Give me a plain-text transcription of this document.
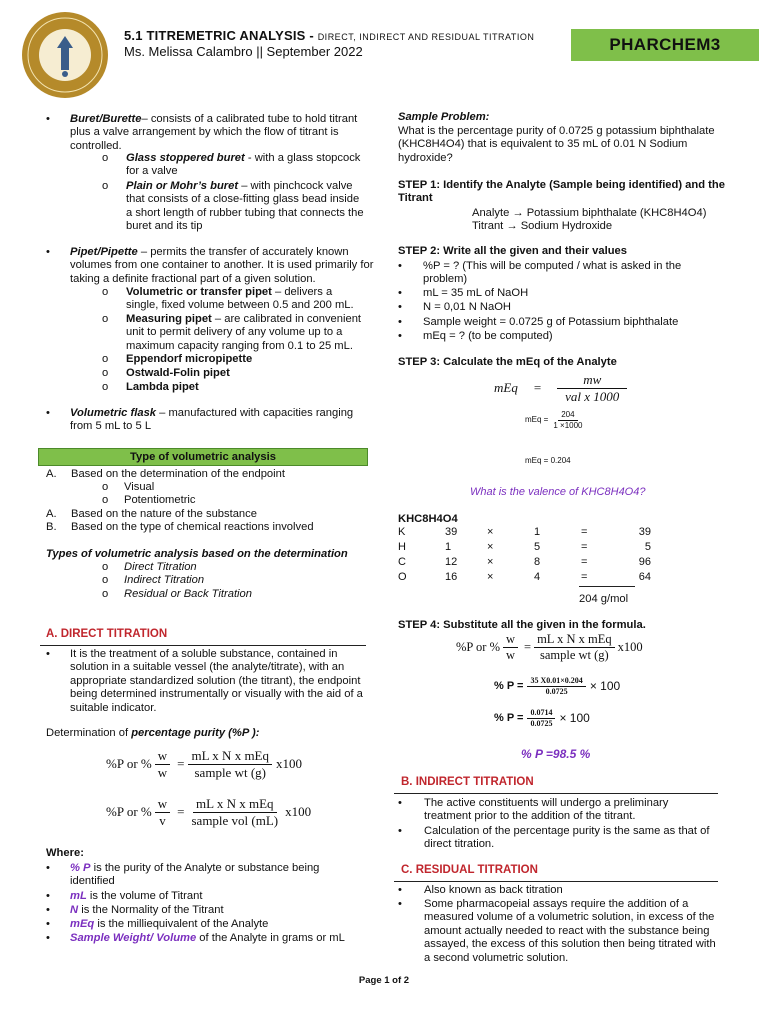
5.1 TITREMETRIC ANALYSIS - DIRECT, INDIRECT AND RESIDUAL TITRATION
Ms. Melissa Calambro || September 2022	PHARCHEM3
• Buret/Burette– consists of a calibrated tube to hold titrant plus a valve arrangement by which the flow of titrant is controlled.
o Glass stoppered buret - with a glass stopcock for a valve
o Plain or Mohr’s buret – with pinchcock valve that consists of a close-fitting glass bead inside a short length of rubber tubing that connects the buret and its tip
• Pipet/Pipette – permits the transfer of accurately known volumes from one container to another. It is used primarily for taking a definite fractional part of a given solution.
o Volumetric or transfer pipet – delivers a single, fixed volume between 0.5 and 200 mL.
o Measuring pipet – are calibrated in convenient unit to permit delivery of any volume up to a maximum capacity ranging from 0.1 to 25 mL.
o Eppendorf micropipette
o Ostwald-Folin pipet
o Lambda pipet
• Volumetric flask – manufactured with capacities ranging from 5 mL to 5 L
Type of volumetric analysis
A. Based on the determination of the endpoint
o Visual
o Potentiometric
A. Based on the nature of the substance
B. Based on the type of chemical reactions involved
Types of volumetric analysis based on the determination
o Direct Titration
o Indirect Titration
o Residual or Back Titration
A. DIRECT TITRATION
• It is the treatment of a soluble substance, contained in solution in a suitable vessel (the analyte/titrate), with an appropriate standardized solution (the titrant), the endpoint being determined instrumentally or visually with the aid of a suitable indicator.
Determination of percentage purity (%P ):
%P or % $\frac{w}{w} = \frac{\text{mL x N x mEq}}{\text{sample wt (g)}} x100$
%P or % $\frac{w}{v} = \frac{\text{mL x N x mEq}}{\text{sample vol (mL)}} x100$
Where:
• % P is the purity of the Analyte or substance being identified
• mL is the volume of Titrant
• N is the Normality of the Titrant
• mEq is the milliequivalent of the Analyte
• Sample Weight/ Volume of the Analyte in grams or mL
Sample Problem:
What is the percentage purity of 0.0725 g potassium biphthalate (KHC8H4O4) that is equivalent to 35 mL of 0.01 N Sodium hydroxide?
STEP 1: Identify the Analyte (Sample being identified) and the Titrant
Analyte → Potassium biphthalate (KHC8H4O4)
Titrant → Sodium Hydroxide
STEP 2: Write all the given and their values
• %P = ? (This will be computed / what is asked in the problem)
• mL = 35 mL of NaOH
• N = 0,01 N NaOH
• Sample weight = 0.0725 g of Potassium biphthalate
• mEq = ? (to be computed)
STEP 3: Calculate the mEq of the Analyte
mEq = $\frac{mw}{\text{val x 1000}}$
mEq = $\frac{204}{1 \times 1000}$
mEq = 0.204
What is the valence of KHC8H4O4?
KHC8H4O4
K	39	×	1	=	39
H	1	×	5	=	5
C	12	×	8	=	96
O	16	×	4	=	64
204 g/mol
STEP 4: Substitute all the given in the formula.
%P or % $\frac{w}{w} = \frac{\text{mL x N x mEq}}{\text{sample wt (g)}} x100$
% $P = \frac{35 X0.01\times 0.204}{0.0725} \times 100$
% $P = \frac{0.0714}{0.0725} \times 100$
% P =98.5 %
B. INDIRECT TITRATION
• The active constituents will undergo a preliminary treatment prior to the addition of the titrant.
• Calculation of the percentage purity is the same as that of direct titration.
C. RESIDUAL TITRATION
• Also known as back titration
• Some pharmacopeial assays require the addition of a measured volume of a volumetric solution, in excess of the amount actually needed to react with the substance being assayed, the excess of this solution then being titrated with a second volumetric solution.
Page 1 of 2
